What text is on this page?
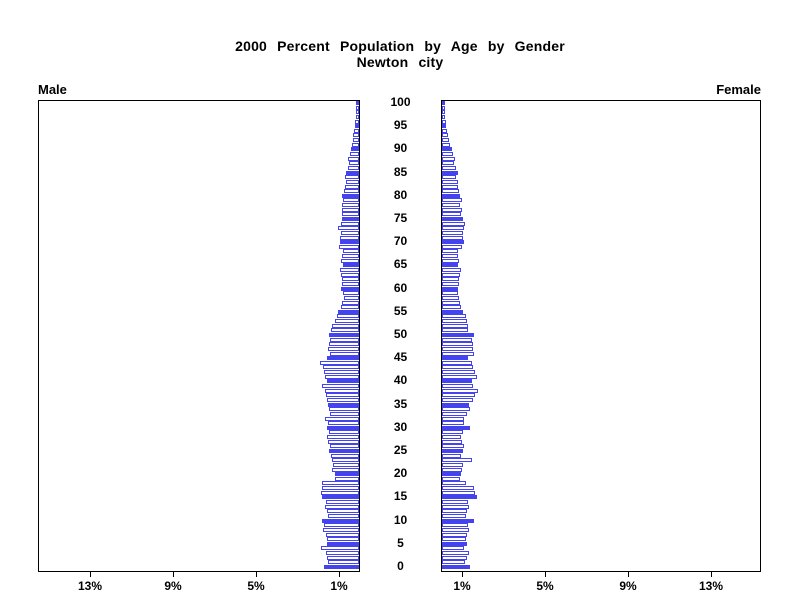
2000 Percent Population by Age by Gender
Newton city
Male	Female
0
5
10
15
20
25
30
35
40
45
50
55
60
65
70
75
80
85
90
95
100
13%	9%	5%	1%	1%	5%	9%	13%
